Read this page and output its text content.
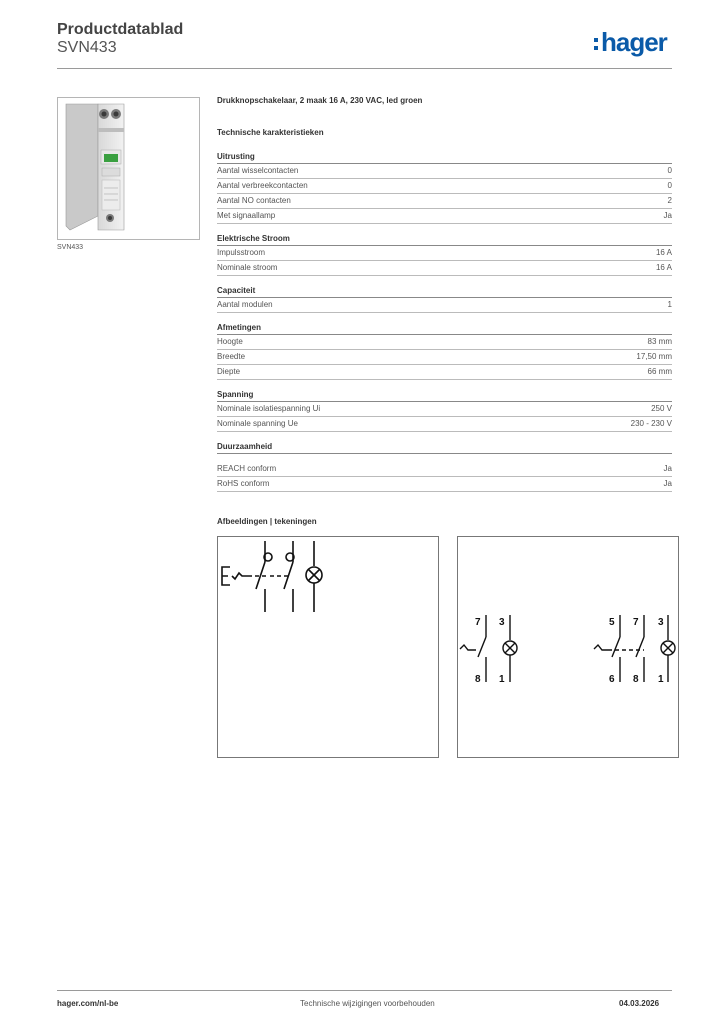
Productdatablad
SVN433	hager
SVN433
Drukknopschakelaar, 2 maak 16 A, 230 VAC, led groen
Technische karakteristieken
Uitrusting
Aantal wisselcontacten	0
Aantal verbreekcontacten	0
Aantal NO contacten	2
Met signaallamp	Ja
Elektrische Stroom
Impulsstroom	16 A
Nominale stroom	16 A
Capaciteit
Aantal modulen	1
Afmetingen
Hoogte	83 mm
Breedte	17,50 mm
Diepte	66 mm
Spanning
Nominale isolatiespanning Ui	250 V
Nominale spanning Ue	230 - 230 V
Duurzaamheid
REACH conform	Ja
RoHS conform	Ja
Afbeeldingen | tekeningen
7 3
8 1
5 7 3
6 8 1
hager.com/nl-be	Technische wijzigingen voorbehouden	04.03.2026
